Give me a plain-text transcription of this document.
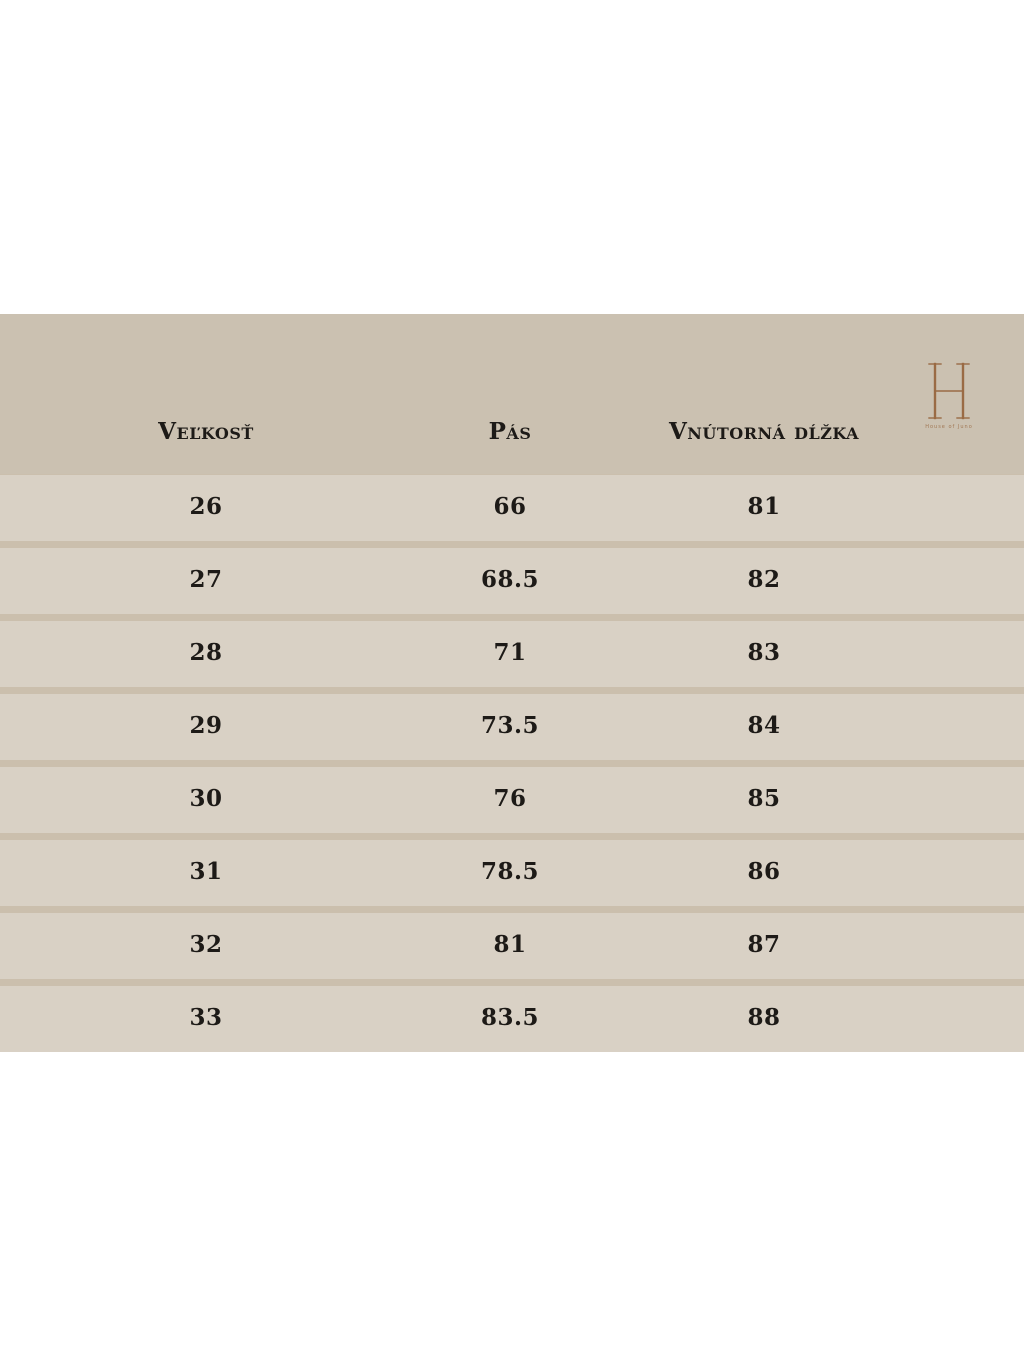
Veľkosť	Pás	Vnútorná dĺžka	House of Juno
26	66	81
27	68.5	82
28	71	83
29	73.5	84
30	76	85
31	78.5	86
32	81	87
33	83.5	88
